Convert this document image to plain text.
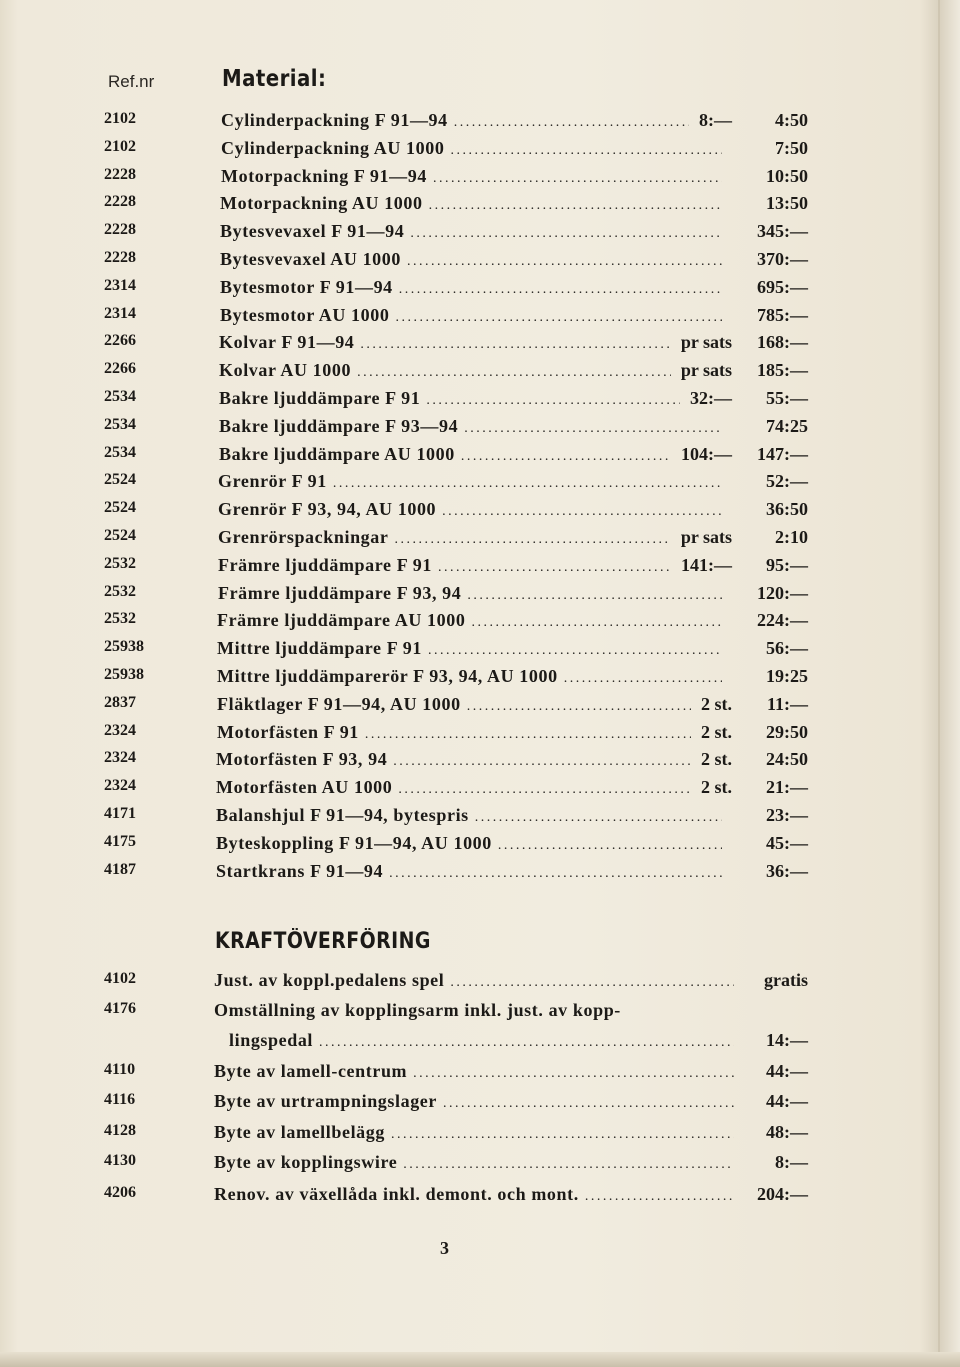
Ref.nr	Material:
2102	Cylinderpackning F 91—94 .....	8:— 4:50
2102	Cylinderpackning AU 1000 .....	7:50
2228	Motorpackning F 91—94 .....	10:50
2228	Motorpackning AU 1000 .....	13:50
2228	Bytesvevaxel F 91—94 .....	345:—
2228	Bytesvevaxel AU 1000 .....	370:—
2314	Bytesmotor F 91—94 .....	695:—
2314	Bytesmotor AU 1000 .....	785:—
2266	Kolvar F 91—94 .....	pr sats 168:—
2266	Kolvar AU 1000 .....	pr sats 185:—
2534	Bakre ljuddämpare F 91 .....	32:— 55:—
2534	Bakre ljuddämpare F 93—94 .....	74:25
2534	Bakre ljuddämpare AU 1000 .....	104:— 147:—
2524	Grenrör F 91 .....	52:—
2524	Grenrör F 93, 94, AU 1000 .....	36:50
2524	Grenrörspackningar .....	pr sats 2:10
2532	Främre ljuddämpare F 91 .....	141:— 95:—
2532	Främre ljuddämpare F 93, 94 .....	120:—
2532	Främre ljuddämpare AU 1000 .....	224:—
25938	Mittre ljuddämpare F 91 .....	56:—
25938	Mittre ljuddämparerör F 93, 94, AU 1000 .....	19:25
2837	Fläktlager F 91—94, AU 1000 .....	2 st. 11:—
2324	Motorfästen F 91 .....	2 st. 29:50
2324	Motorfästen F 93, 94 .....	2 st. 24:50
2324	Motorfästen AU 1000 .....	2 st. 21:—
4171	Balanshjul F 91—94, bytespris .....	23:—
4175	Byteskoppling F 91—94, AU 1000 .....	45:—
4187	Startkrans F 91—94 .....	36:—
KRAFTÖVERFÖRING
4102	Just. av koppl.pedalens spel .....	gratis
4176	Omställning av kopplingsarm inkl. just. av kopp-
lingspedal .....	14:—
4110	Byte av lamell-centrum .....	44:—
4116	Byte av urtrampningslager .....	44:—
4128	Byte av lamellbelägg .....	48:—
4130	Byte av kopplingswire .....	8:—
4206	Renov. av växellåda inkl. demont. och mont. .....	204:—
3
